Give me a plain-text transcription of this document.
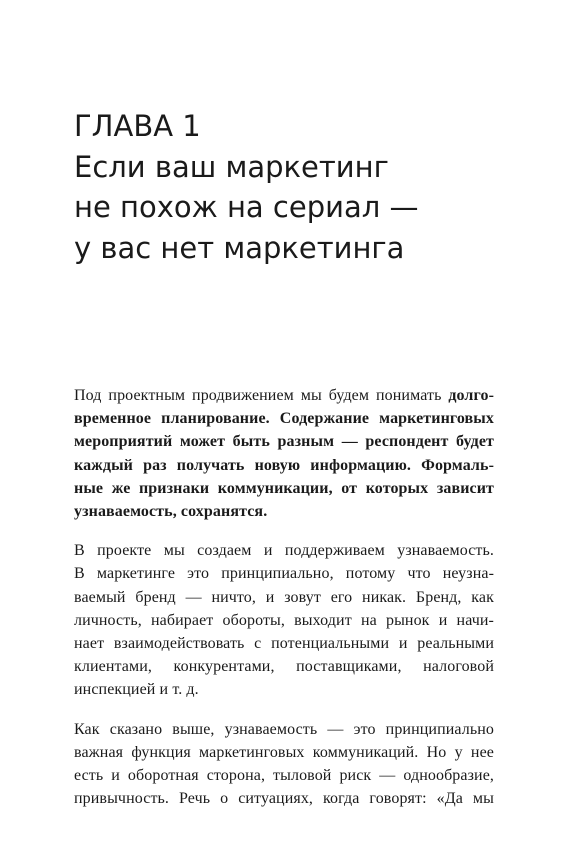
ГЛАВА 1
Если ваш маркетинг
не похож на сериал —
у вас нет маркетинга
Под проектным продвижением мы будем понимать долго-
временное планирование. Содержание маркетинговых
мероприятий может быть разным — респондент будет
каждый раз получать новую информацию. Формаль-
ные же признаки коммуникации, от которых зависит
узнаваемость, сохранятся.
В проекте мы создаем и поддерживаем узнаваемость.
В маркетинге это принципиально, потому что неузна-
ваемый бренд — ничто, и зовут его никак. Бренд, как
личность, набирает обороты, выходит на рынок и начи-
нает взаимодействовать с потенциальными и реальными
клиентами, конкурентами, поставщиками, налоговой
инспекцией и т. д.
Как сказано выше, узнаваемость — это принципиально
важная функция маркетинговых коммуникаций. Но у нее
есть и оборотная сторона, тыловой риск — однообразие,
привычность. Речь о ситуациях, когда говорят: «Да мы
